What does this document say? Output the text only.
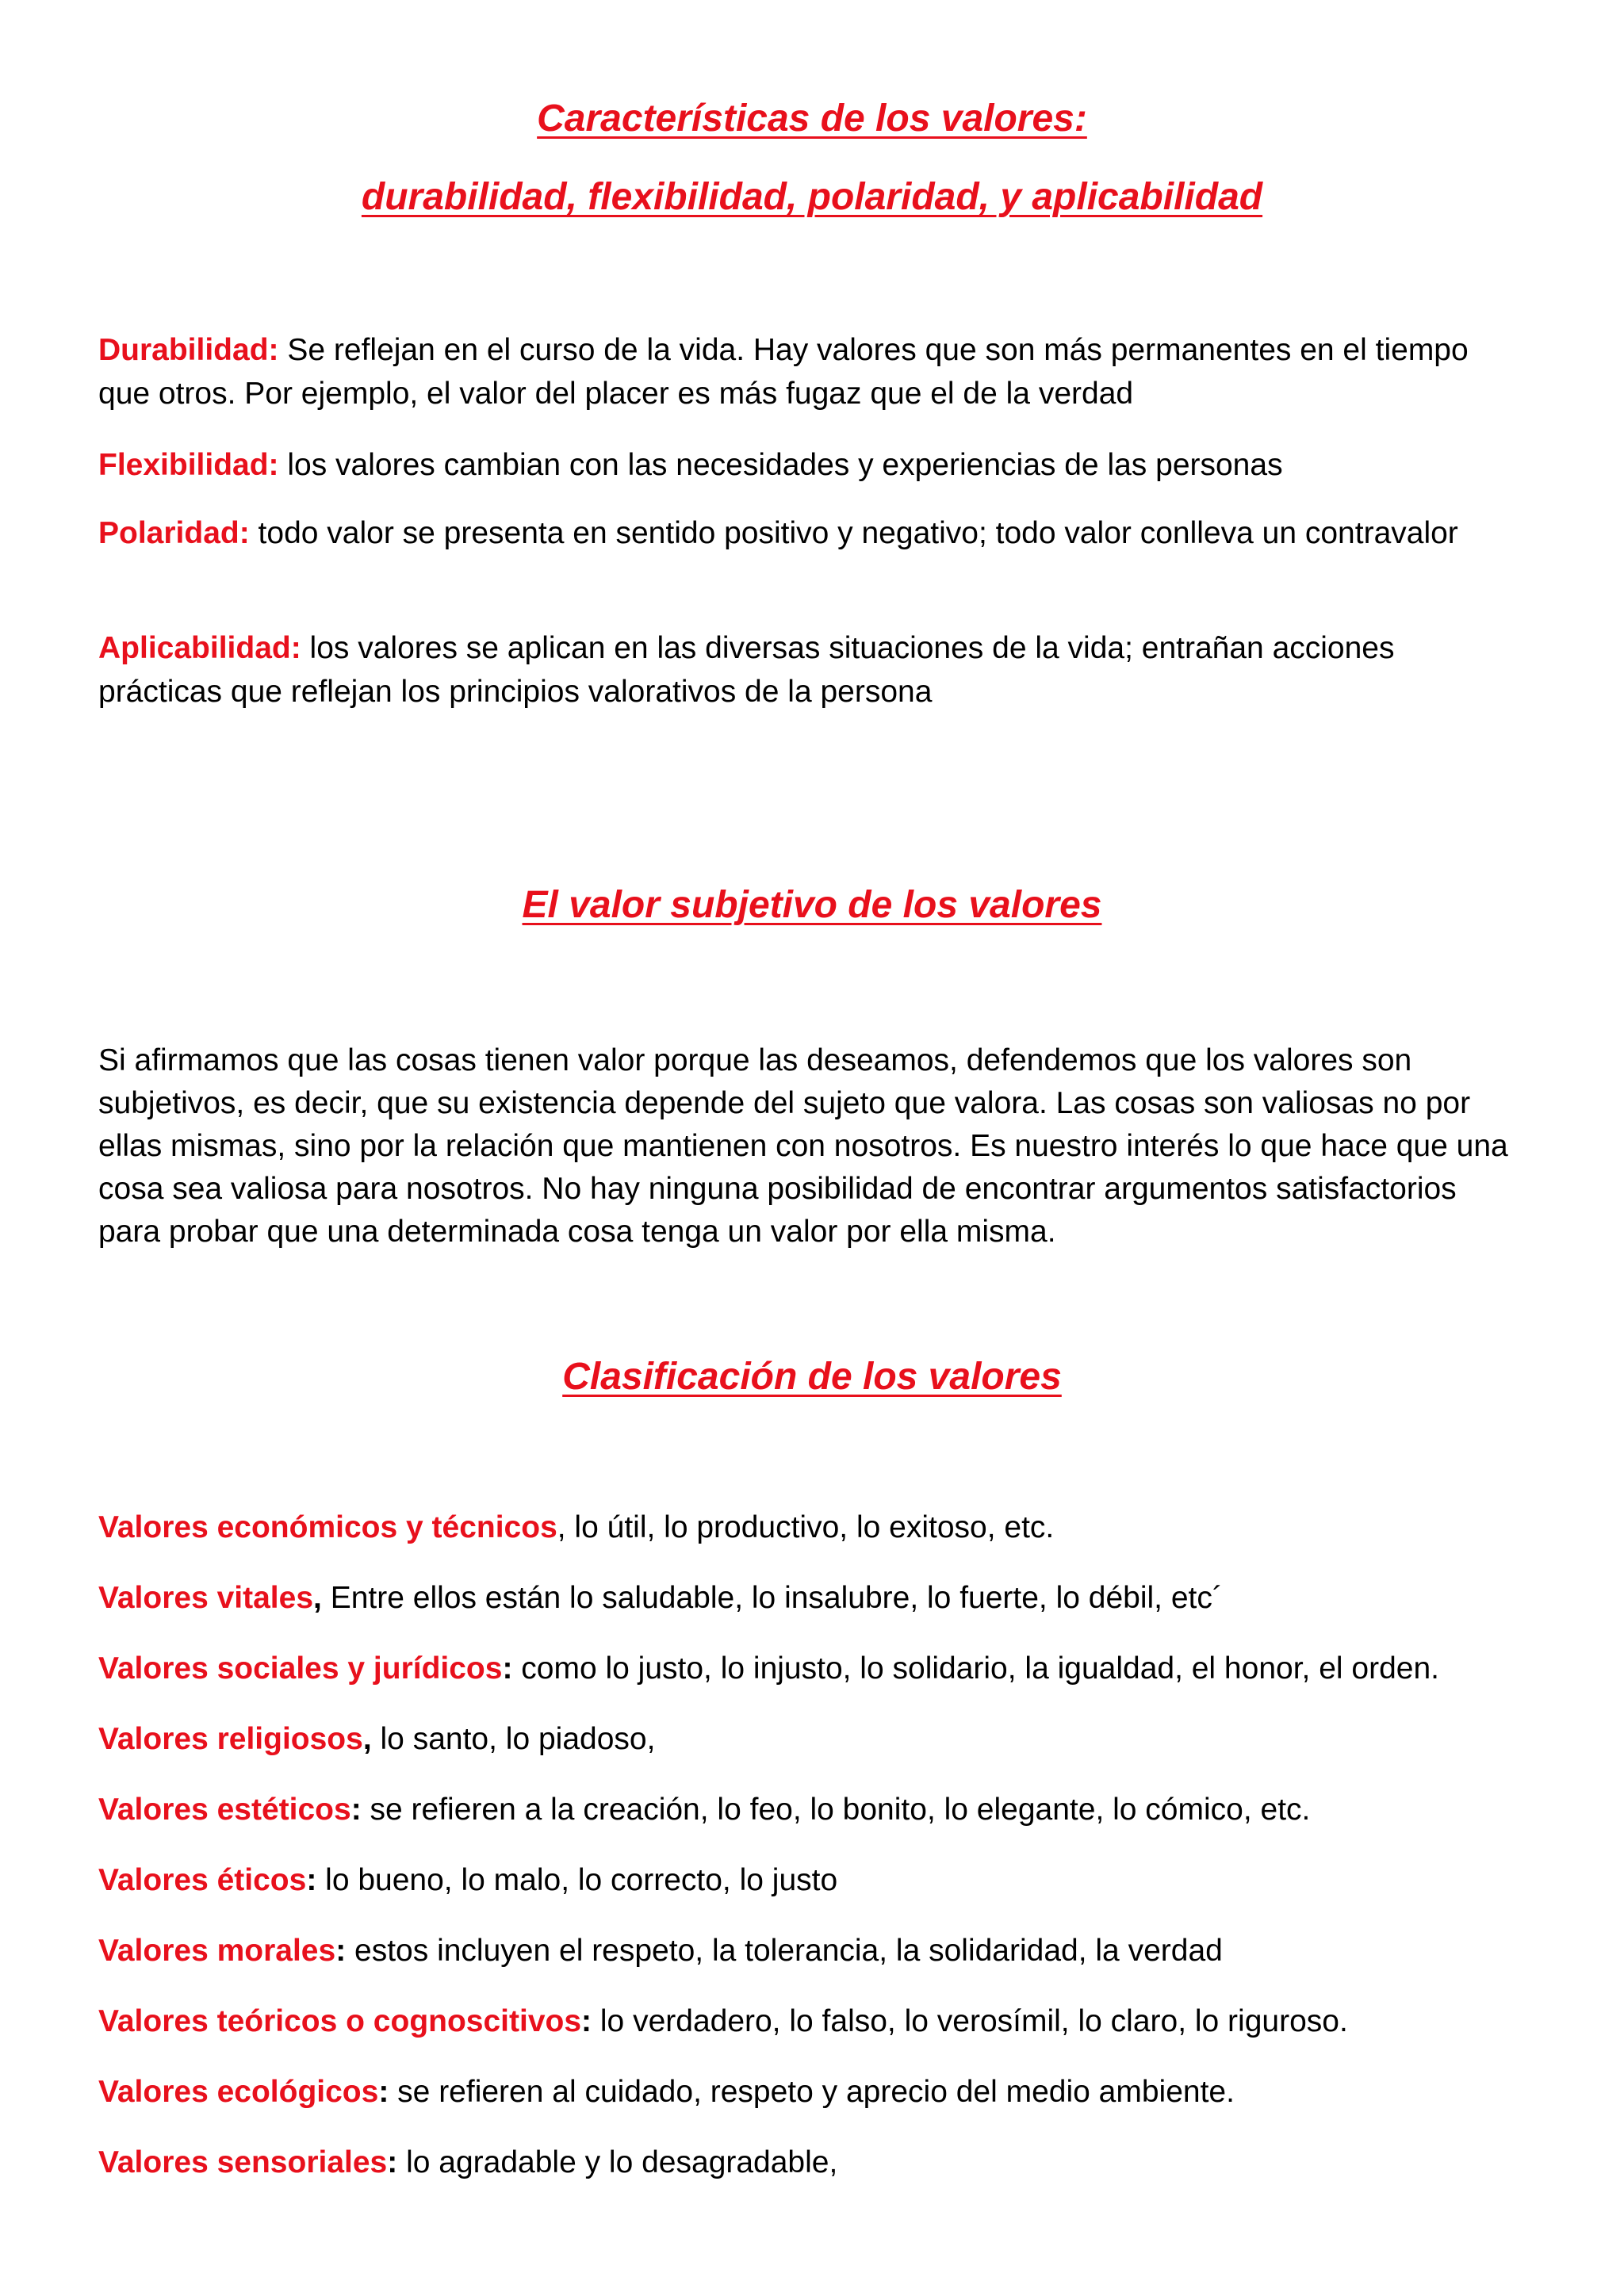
Características de los valores:
durabilidad, flexibilidad, polaridad, y aplicabilidad

Durabilidad: Se reflejan en el curso de la vida. Hay valores que son más permanentes en el tiempo que otros. Por ejemplo, el valor del placer es más fugaz que el de la verdad

Flexibilidad: los valores cambian con las necesidades y experiencias de las personas

Polaridad: todo valor se presenta en sentido positivo y negativo; todo valor conlleva un contravalor

Aplicabilidad: los valores se aplican en las diversas situaciones de la vida; entrañan acciones prácticas que reflejan los principios valorativos de la persona

El valor subjetivo de los valores

Si afirmamos que las cosas tienen valor porque las deseamos, defendemos que los valores son subjetivos, es decir, que su existencia depende del sujeto que valora. Las cosas son valiosas no por ellas mismas, sino por la relación que mantienen con nosotros. Es nuestro interés lo que hace que una cosa sea valiosa para nosotros. No hay ninguna posibilidad de encontrar argumentos satisfactorios para probar que una determinada cosa tenga un valor por ella misma.

Clasificación de los valores

Valores económicos y técnicos, lo útil, lo productivo, lo exitoso, etc.

Valores vitales, Entre ellos están lo saludable, lo insalubre, lo fuerte, lo débil, etc´

Valores sociales y jurídicos: como lo justo, lo injusto, lo solidario, la igualdad, el honor, el orden.

Valores religiosos, lo santo, lo piadoso,

Valores estéticos: se refieren a la creación, lo feo, lo bonito, lo elegante, lo cómico, etc.

Valores éticos: lo bueno, lo malo, lo correcto, lo justo

Valores morales: estos incluyen el respeto, la tolerancia, la solidaridad, la verdad

Valores teóricos o cognoscitivos: lo verdadero, lo falso, lo verosímil, lo claro, lo riguroso.

Valores ecológicos: se refieren al cuidado, respeto y aprecio del medio ambiente.

Valores sensoriales: lo agradable y lo desagradable,
